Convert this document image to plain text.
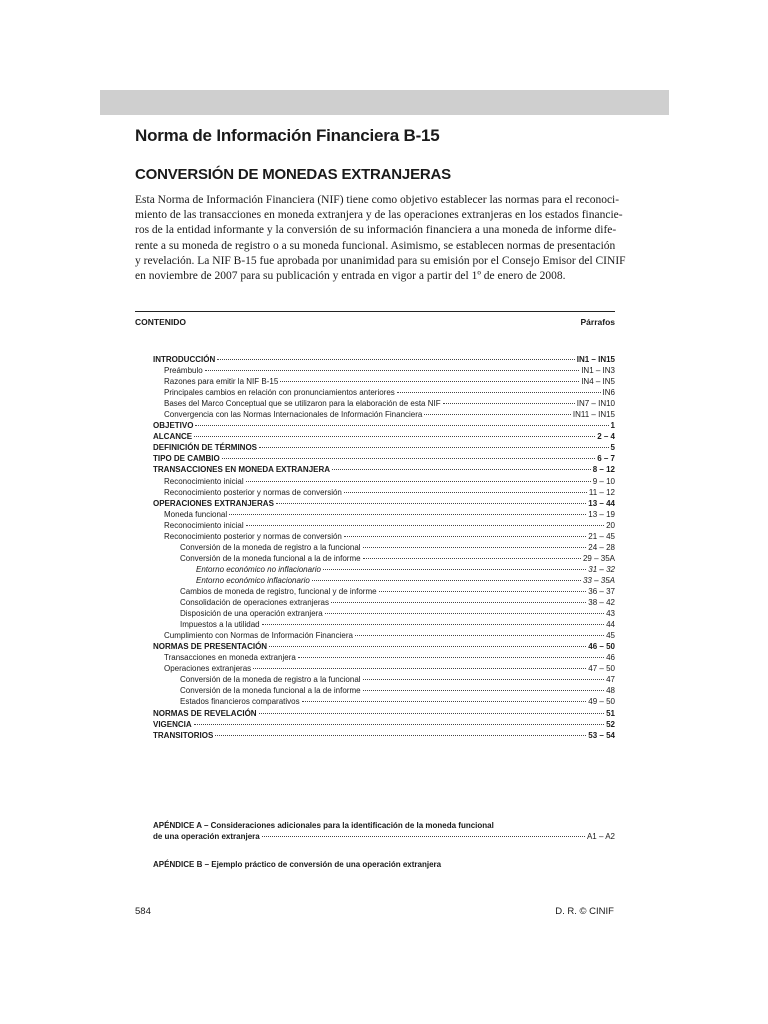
Norma de Información Financiera B-15
CONVERSIÓN DE MONEDAS EXTRANJERAS

Esta Norma de Información Financiera (NIF) tiene como objetivo establecer las normas para el reconoci-
miento de las transacciones en moneda extranjera y de las operaciones extranjeras en los estados financie-
ros de la entidad informante y la conversión de su información financiera a una moneda de informe dife-
rente a su moneda de registro o a su moneda funcional. Asimismo, se establecen normas de presentación
y revelación. La NIF B-15 fue aprobada por unanimidad para su emisión por el Consejo Emisor del CINIF
en noviembre de 2007 para su publicación y entrada en vigor a partir del 1º de enero de 2008.

CONTENIDO	Párrafos
INTRODUCCIÓN	IN1 – IN15
Preámbulo	IN1 – IN3
Razones para emitir la NIF B-15	IN4 – IN5
Principales cambios en relación con pronunciamientos anteriores	IN6
Bases del Marco Conceptual que se utilizaron para la elaboración de esta NIF	IN7 – IN10
Convergencia con las Normas Internacionales de Información Financiera	IN11 – IN15
OBJETIVO	1
ALCANCE	2 – 4
DEFINICIÓN DE TÉRMINOS	5
TIPO DE CAMBIO	6 – 7
TRANSACCIONES EN MONEDA EXTRANJERA	8 – 12
Reconocimiento inicial	9 – 10
Reconocimiento posterior y normas de conversión	11 – 12
OPERACIONES EXTRANJERAS	13 – 44
Moneda funcional	13 – 19
Reconocimiento inicial	20
Reconocimiento posterior y normas de conversión	21 – 45
Conversión de la moneda de registro a la funcional	24 – 28
Conversión de la moneda funcional a la de informe	29 – 35A
Entorno económico no inflacionario	31 – 32
Entorno económico inflacionario	33 – 35A
Cambios de moneda de registro, funcional y de informe	36 – 37
Consolidación de operaciones extranjeras	38 – 42
Disposición de una operación extranjera	43
Impuestos a la utilidad	44
Cumplimiento con Normas de Información Financiera	45
NORMAS DE PRESENTACIÓN	46 – 50
Transacciones en moneda extranjera	46
Operaciones extranjeras	47 – 50
Conversión de la moneda de registro a la funcional	47
Conversión de la moneda funcional a la de informe	48
Estados financieros comparativos	49 – 50
NORMAS DE REVELACIÓN	51
VIGENCIA	52
TRANSITORIOS	53 – 54
APÉNDICE A – Consideraciones adicionales para la identificación de la moneda funcional
de una operación extranjera	A1 – A2
APÉNDICE B – Ejemplo práctico de conversión de una operación extranjera
584	D. R. © CINIF
